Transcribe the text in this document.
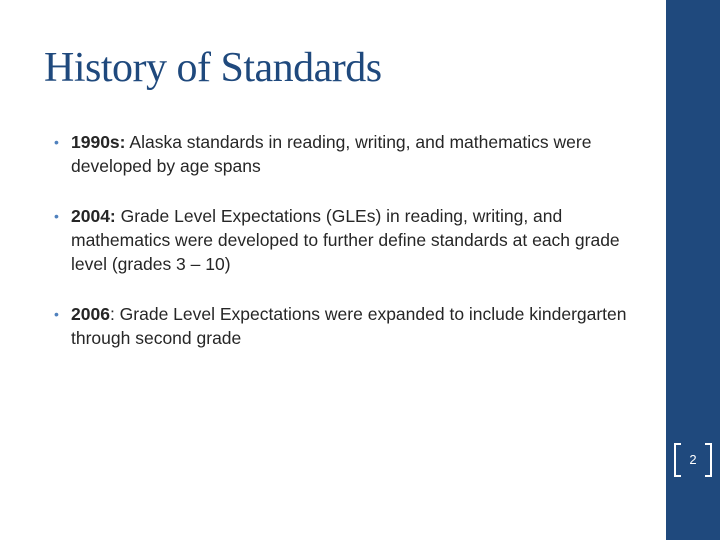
2
History of Standards
• 1990s: Alaska standards in reading, writing, and mathematics were developed by age spans
• 2004: Grade Level Expectations (GLEs) in reading, writing, and mathematics were developed to further define standards at each grade level (grades 3 – 10)
• 2006: Grade Level Expectations were expanded to include kindergarten through second grade
